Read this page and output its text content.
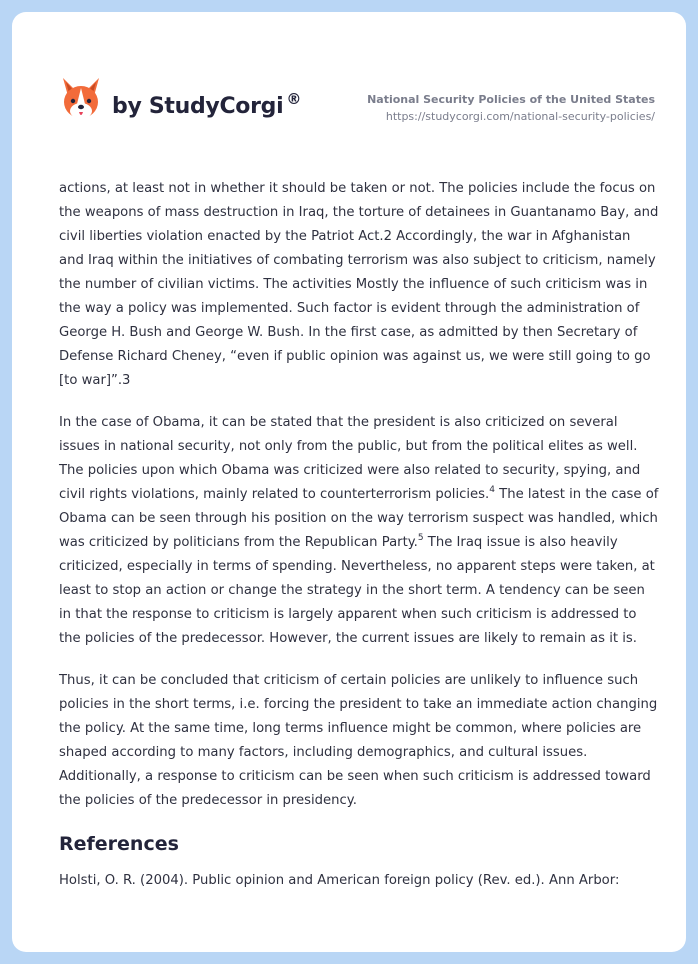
by StudyCorgi ®	National Security Policies of the United States
https://studycorgi.com/national-security-policies/

actions, at least not in whether it should be taken or not. The policies include the focus on the weapons of mass destruction in Iraq, the torture of detainees in Guantanamo Bay, and civil liberties violation enacted by the Patriot Act.2 Accordingly, the war in Afghanistan and Iraq within the initiatives of combating terrorism was also subject to criticism, namely the number of civilian victims. The activities Mostly the influence of such criticism was in the way a policy was implemented. Such factor is evident through the administration of George H. Bush and George W. Bush. In the first case, as admitted by then Secretary of Defense Richard Cheney, “even if public opinion was against us, we were still going to go [to war]”.3

In the case of Obama, it can be stated that the president is also criticized on several issues in national security, not only from the public, but from the political elites as well. The policies upon which Obama was criticized were also related to security, spying, and civil rights violations, mainly related to counterterrorism policies.$^4$ The latest in the case of Obama can be seen through his position on the way terrorism suspect was handled, which was criticized by politicians from the Republican Party.$^5$ The Iraq issue is also heavily criticized, especially in terms of spending. Nevertheless, no apparent steps were taken, at least to stop an action or change the strategy in the short term. A tendency can be seen in that the response to criticism is largely apparent when such criticism is addressed to the policies of the predecessor. However, the current issues are likely to remain as it is.

Thus, it can be concluded that criticism of certain policies are unlikely to influence such policies in the short terms, i.e. forcing the president to take an immediate action changing the policy. At the same time, long terms influence might be common, where policies are shaped according to many factors, including demographics, and cultural issues. Additionally, a response to criticism can be seen when such criticism is addressed toward the policies of the predecessor in presidency.

References
Holsti, O. R. (2004). Public opinion and American foreign policy (Rev. ed.). Ann Arbor:
